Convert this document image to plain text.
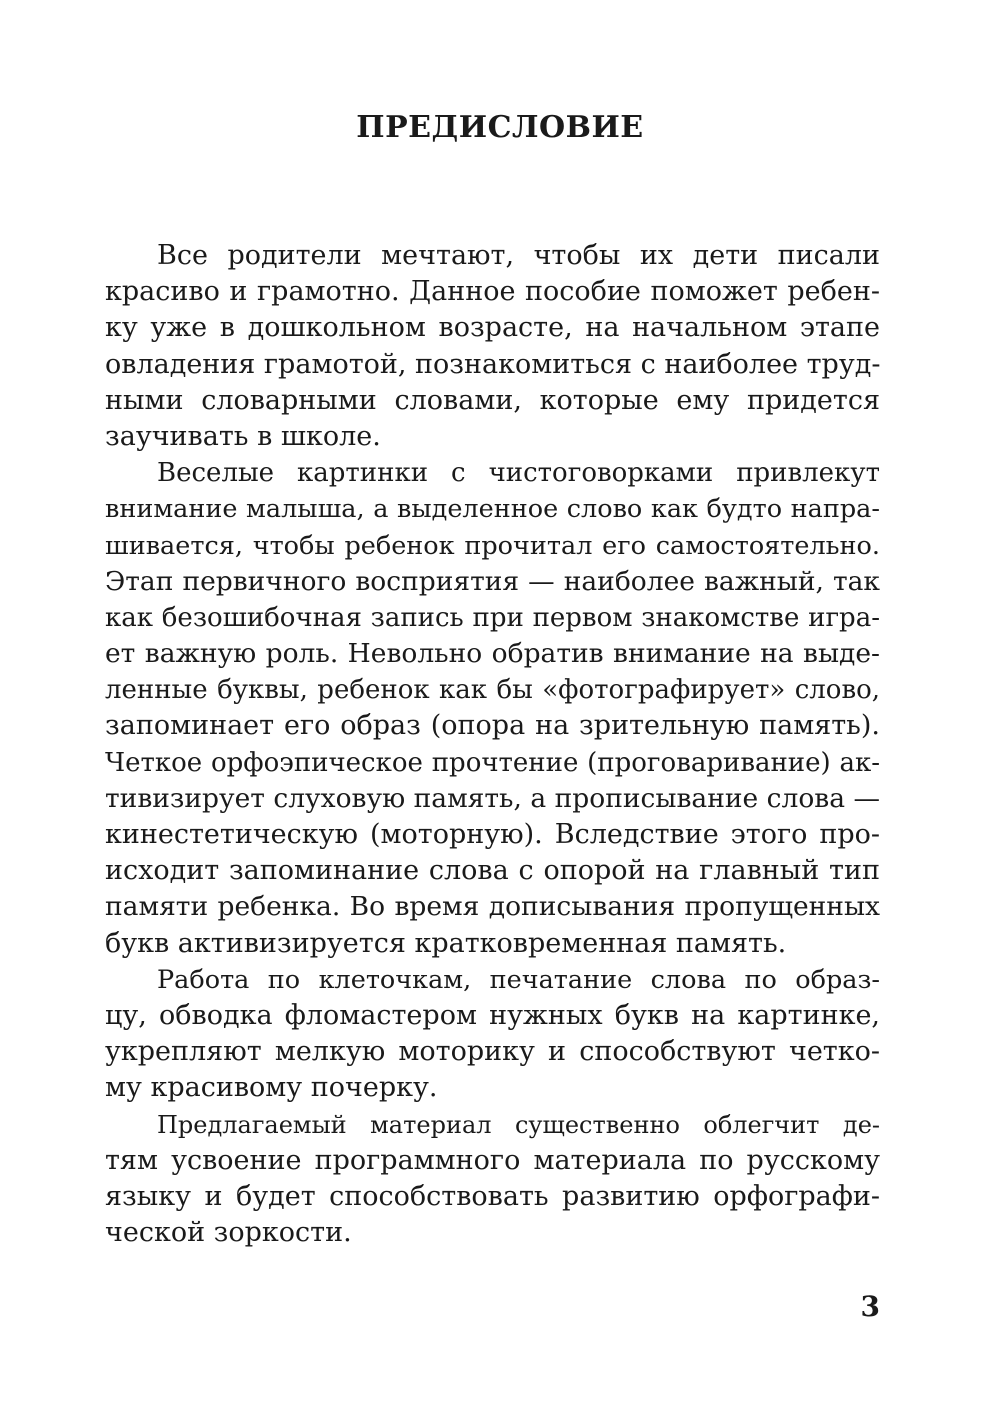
ПРЕДИСЛОВИЕ
Все родители мечтают, чтобы их дети писали
красиво и грамотно. Данное пособие поможет ребен-
ку уже в дошкольном возрасте, на начальном этапе
овладения грамотой, познакомиться с наиболее труд-
ными словарными словами, которые ему придется
заучивать в школе.
Веселые картинки с чистоговорками привлекут
внимание малыша, а выделенное слово как будто напра-
шивается, чтобы ребенок прочитал его самостоятельно.
Этап первичного восприятия — наиболее важный, так
как безошибочная запись при первом знакомстве игра-
ет важную роль. Невольно обратив внимание на выде-
ленные буквы, ребенок как бы «фотографирует» слово,
запоминает его образ (опора на зрительную память).
Четкое орфоэпическое прочтение (проговаривание) ак-
тивизирует слуховую память, а прописывание слова —
кинестетическую (моторную). Вследствие этого про-
исходит запоминание слова с опорой на главный тип
памяти ребенка. Во время дописывания пропущенных
букв активизируется кратковременная память.
Работа по клеточкам, печатание слова по образ-
цу, обводка фломастером нужных букв на картинке,
укрепляют мелкую моторику и способствуют четко-
му красивому почерку.
Предлагаемый материал существенно облегчит де-
тям усвоение программного материала по русскому
языку и будет способствовать развитию орфографи-
ческой зоркости.

3
